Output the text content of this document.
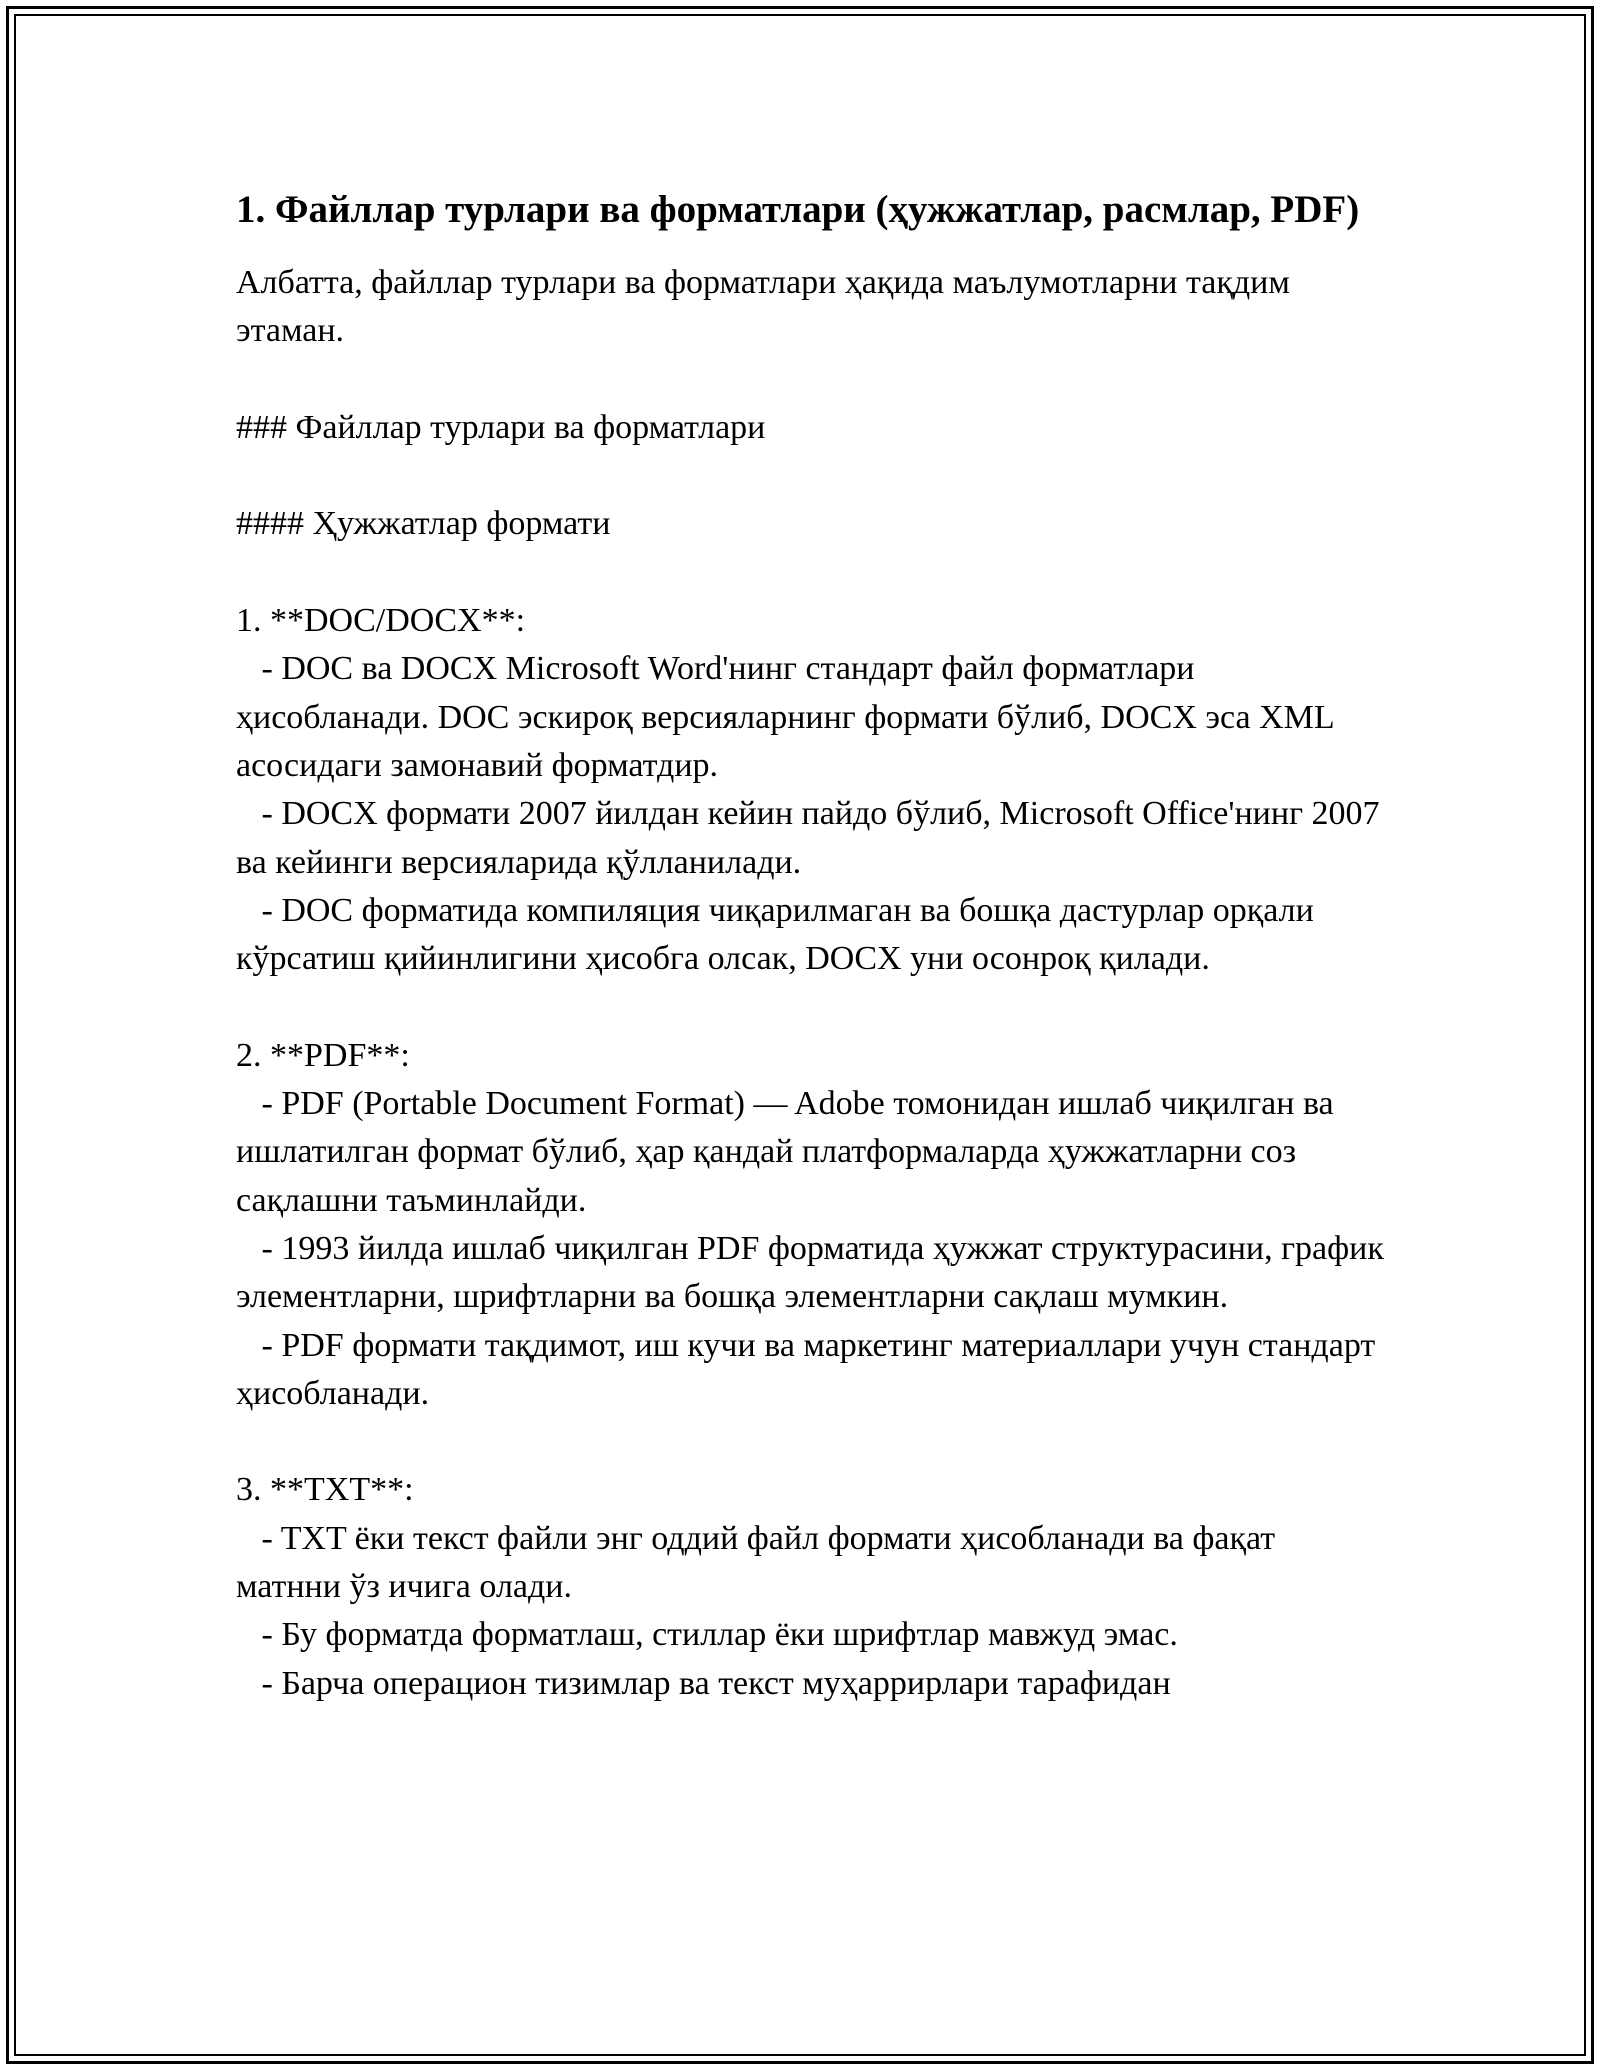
1. Файллар турлари ва форматлари (ҳужжатлар, расмлар, PDF)

Албатта, файллар турлари ва форматлари ҳақида маълумотларни тақдим этаман.

### Файллар турлари ва форматлари

#### Ҳужжатлар формати

1. **DOC/DOCX**:
- DOC ва DOCX Microsoft Word'нинг стандарт файл форматлари ҳисобланади. DOC эскироқ версияларнинг формати бўлиб, DOCX эса XML асосидаги замонавий форматдир.
- DOCX формати 2007 йилдан кейин пайдо бўлиб, Microsoft Office'нинг 2007 ва кейинги версияларида қўлланилади.
- DOC форматида компиляция чиқарилмаган ва бошқа дастурлар орқали кўрсатиш қийинлигини ҳисобга олсак, DOCX уни осонроқ қилади.

2. **PDF**:
- PDF (Portable Document Format) — Adobe томонидан ишлаб чиқилган ва ишлатилган формат бўлиб, ҳар қандай платформаларда ҳужжатларни соз сақлашни таъминлайди.
- 1993 йилда ишлаб чиқилган PDF форматида ҳужжат структурасини, график элементларни, шрифтларни ва бошқа элементларни сақлаш мумкин.
- PDF формати тақдимот, иш кучи ва маркетинг материаллари учун стандарт ҳисобланади.

3. **TXT**:
- TXT ёки текст файли энг оддий файл формати ҳисобланади ва фақат матнни ўз ичига олади.
- Бу форматда форматлаш, стиллар ёки шрифтлар мавжуд эмас.
- Барча операцион тизимлар ва текст муҳаррирлари тарафидан
